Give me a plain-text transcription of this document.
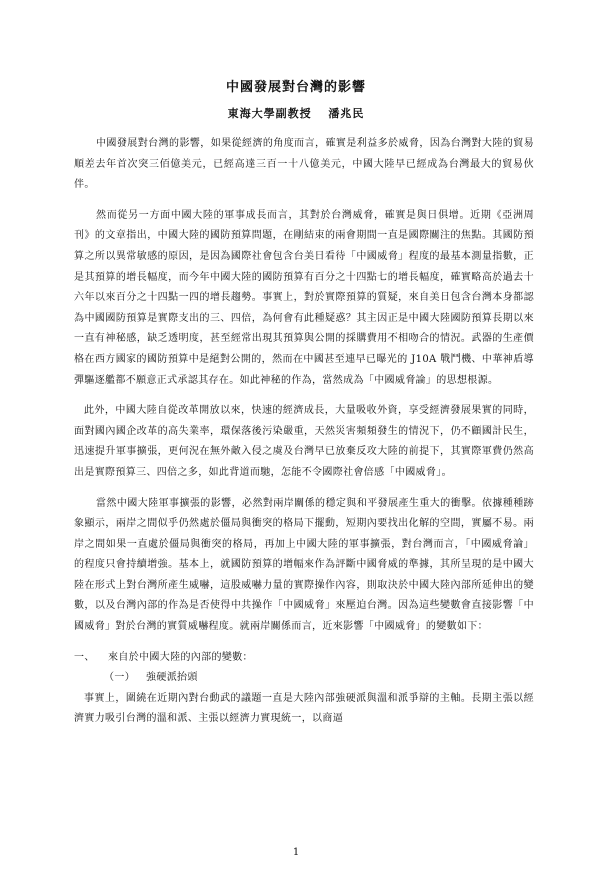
中國發展對台灣的影響
東海大學副教授 潘兆民

中國發展對台灣的影響，如果從經濟的角度而言，確實是利益多於威脅，因為台灣對大陸的貿易順差去年首次突三佰億美元，已經高達三百一十八億美元，中國大陸早已經成為台灣最大的貿易伙伴。

然而從另一方面中國大陸的軍事成長而言，其對於台灣威脅，確實是與日俱增。近期《亞洲周刊》的文章指出，中國大陸的國防預算問題，在剛結束的兩會期間一直是國際關注的焦點。其國防預算之所以異常敏感的原因，是因為國際社會包含台美日看待「中國威脅」程度的最基本測量指數，正是其預算的增長幅度，而今年中國大陸的國防預算有百分之十四點七的增長幅度，確實略高於過去十六年以來百分之十四點一四的增長趨勢。事實上，對於實際預算的質疑，來自美日包含台灣本身都認為中國國防預算是實際支出的三、四倍，為何會有此種疑惑？其主因正是中國大陸國防預算長期以來一直有神秘感，缺乏透明度，甚至經常出現其預算與公開的採購費用不相吻合的情況。武器的生產價格在西方國家的國防預算中是絕對公開的，然而在中國甚至連早已曝光的 J10A 戰鬥機、中華神盾導彈驅逐艦都不願意正式承認其存在。如此神秘的作為，當然成為「中國威脅論」的思想根源。

此外，中國大陸自從改革開放以來，快速的經濟成長，大量吸收外資，享受經濟發展果實的同時，面對國內國企改革的高失業率，環保落後污染嚴重，天然災害頻頻發生的情況下，仍不顧國計民生，迅速提升軍事擴張，更何況在無外敵入侵之虞及台灣早已放棄反攻大陸的前提下，其實際軍費仍然高出是實際預算三、四倍之多，如此背道而馳，怎能不令國際社會倍感「中國威脅」。

當然中國大陸軍事擴張的影響，必然對兩岸關係的穩定與和平發展產生重大的衝擊。依據種種跡象顯示，兩岸之間似乎仍然處於僵局與衝突的格局下擺動，短期內要找出化解的空間，實屬不易。兩岸之間如果一直處於僵局與衝突的格局，再加上中國大陸的軍事擴張，對台灣而言，「中國威脅論」的程度只會持續增強。基本上，就國防預算的增幅來作為評斷中國脅威的準據，其所呈現的是中國大陸在形式上對台灣所產生威嚇，這股威嚇力量的實際操作內容，則取決於中國大陸內部所延伸出的變數，以及台灣內部的作為是否使得中共操作「中國威脅」來壓迫台灣。因為這些變數會直接影響「中國威脅」對於台灣的實質威嚇程度。就兩岸關係而言，近來影響「中國威脅」的變數如下：

一、 來自於中國大陸的內部的變數：
（一） 強硬派抬頭

事實上，圍繞在近期內對台動武的議題一直是大陸內部強硬派與溫和派爭辯的主軸。長期主張以經濟實力吸引台灣的溫和派、主張以經濟力實現統一，以商逼

1
